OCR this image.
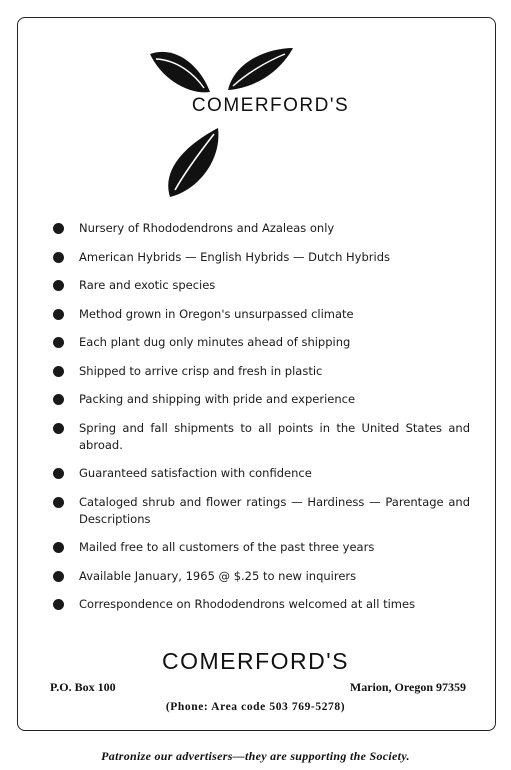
COMERFORD'S
Nursery of Rhododendrons and Azaleas only
American Hybrids — English Hybrids — Dutch Hybrids
Rare and exotic species
Method grown in Oregon's unsurpassed climate
Each plant dug only minutes ahead of shipping
Shipped to arrive crisp and fresh in plastic
Packing and shipping with pride and experience
Spring and fall shipments to all points in the United States and abroad.
Guaranteed satisfaction with confidence
Cataloged shrub and flower ratings — Hardiness — Parentage and Descriptions
Mailed free to all customers of the past three years
Available January, 1965 @ $.25 to new inquirers
Correspondence on Rhododendrons welcomed at all times
COMERFORD'S
P.O. Box 100	Marion, Oregon 97359
(Phone: Area code 503 769-5278)
Patronize our advertisers—they are supporting the Society.
